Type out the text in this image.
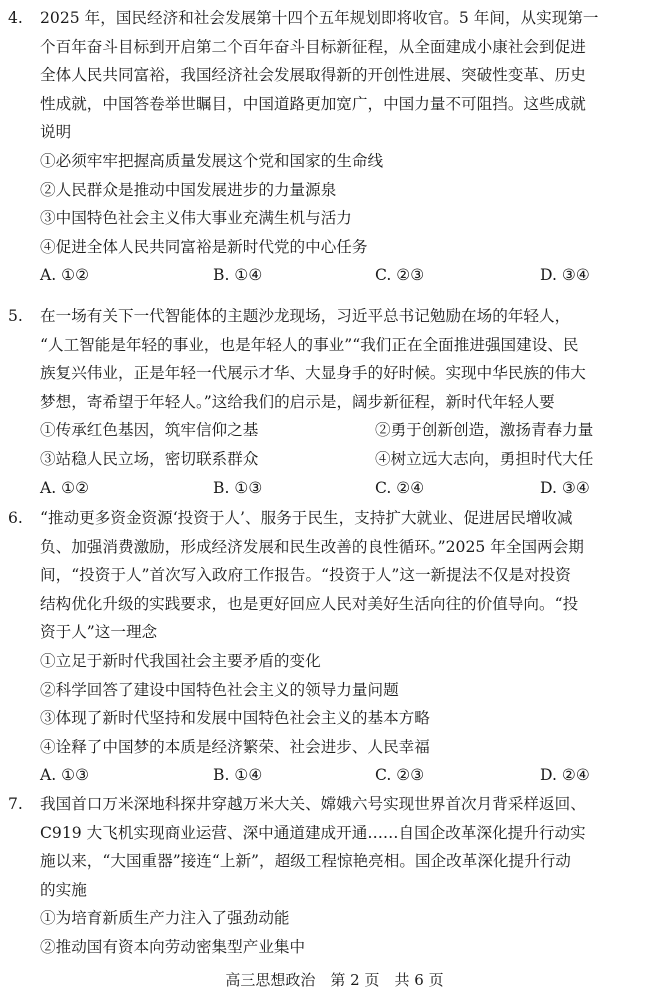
4. 2025 年，国民经济和社会发展第十四个五年规划即将收官。5 年间，从实现第一
个百年奋斗目标到开启第二个百年奋斗目标新征程，从全面建成小康社会到促进
全体人民共同富裕，我国经济社会发展取得新的开创性进展、突破性变革、历史
性成就，中国答卷举世瞩目，中国道路更加宽广，中国力量不可阻挡。这些成就
说明
①必须牢牢把握高质量发展这个党和国家的生命线
②人民群众是推动中国发展进步的力量源泉
③中国特色社会主义伟大事业充满生机与活力
④促进全体人民共同富裕是新时代党的中心任务
A. ①②	B. ①④	C. ②③	D. ③④
5. 在一场有关下一代智能体的主题沙龙现场，习近平总书记勉励在场的年轻人，
“人工智能是年轻的事业，也是年轻人的事业”“我们正在全面推进强国建设、民
族复兴伟业，正是年轻一代展示才华、大显身手的好时候。实现中华民族的伟大
梦想，寄希望于年轻人。”这给我们的启示是，阔步新征程，新时代年轻人要
①传承红色基因，筑牢信仰之基	②勇于创新创造，激扬青春力量
③站稳人民立场，密切联系群众	④树立远大志向，勇担时代大任
A. ①②	B. ①③	C. ②④	D. ③④
6. “推动更多资金资源‘投资于人’、服务于民生，支持扩大就业、促进居民增收减
负、加强消费激励，形成经济发展和民生改善的良性循环。”2025 年全国两会期
间，“投资于人”首次写入政府工作报告。“投资于人”这一新提法不仅是对投资
结构优化升级的实践要求，也是更好回应人民对美好生活向往的价值导向。“投
资于人”这一理念
①立足于新时代我国社会主要矛盾的变化
②科学回答了建设中国特色社会主义的领导力量问题
③体现了新时代坚持和发展中国特色社会主义的基本方略
④诠释了中国梦的本质是经济繁荣、社会进步、人民幸福
A. ①③	B. ①④	C. ②③	D. ②④
7. 我国首口万米深地科探井穿越万米大关、嫦娥六号实现世界首次月背采样返回、
C919 大飞机实现商业运营、深中通道建成开通……自国企改革深化提升行动实
施以来，“大国重器”接连“上新”，超级工程惊艳亮相。国企改革深化提升行动
的实施
①为培育新质生产力注入了强劲动能
②推动国有资本向劳动密集型产业集中
高三思想政治　第 2 页　共 6 页
